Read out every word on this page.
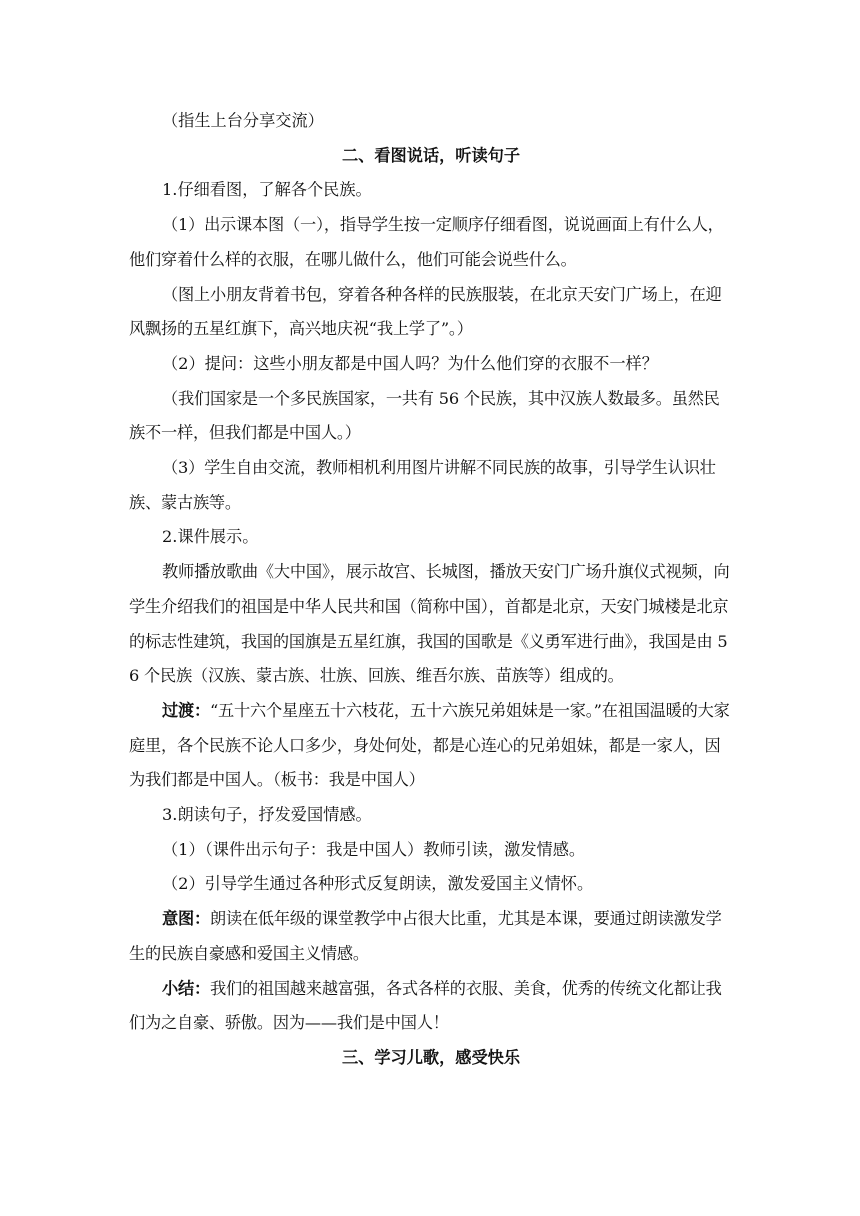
（指生上台分享交流）

二、看图说话，听读句子

1.仔细看图，了解各个民族。

（1）出示课本图（一），指导学生按一定顺序仔细看图，说说画面上有什么人，他们穿着什么样的衣服，在哪儿做什么，他们可能会说些什么。

（图上小朋友背着书包，穿着各种各样的民族服装，在北京天安门广场上，在迎风飘扬的五星红旗下，高兴地庆祝“我上学了”。）

（2）提问：这些小朋友都是中国人吗？为什么他们穿的衣服不一样？

（我们国家是一个多民族国家，一共有 56 个民族，其中汉族人数最多。虽然民族不一样，但我们都是中国人。）

（3）学生自由交流，教师相机利用图片讲解不同民族的故事，引导学生认识壮族、蒙古族等。

2.课件展示。

教师播放歌曲《大中国》，展示故宫、长城图，播放天安门广场升旗仪式视频，向学生介绍我们的祖国是中华人民共和国（简称中国），首都是北京，天安门城楼是北京的标志性建筑，我国的国旗是五星红旗，我国的国歌是《义勇军进行曲》，我国是由 56 个民族（汉族、蒙古族、壮族、回族、维吾尔族、苗族等）组成的。

过渡：“五十六个星座五十六枝花，五十六族兄弟姐妹是一家。”在祖国温暖的大家庭里，各个民族不论人口多少，身处何处，都是心连心的兄弟姐妹，都是一家人，因为我们都是中国人。（板书：我是中国人）

3.朗读句子，抒发爱国情感。

（1）（课件出示句子：我是中国人）教师引读，激发情感。

（2）引导学生通过各种形式反复朗读，激发爱国主义情怀。

意图：朗读在低年级的课堂教学中占很大比重，尤其是本课，要通过朗读激发学生的民族自豪感和爱国主义情感。

小结：我们的祖国越来越富强，各式各样的衣服、美食，优秀的传统文化都让我们为之自豪、骄傲。因为——我们是中国人！

三、学习儿歌，感受快乐
